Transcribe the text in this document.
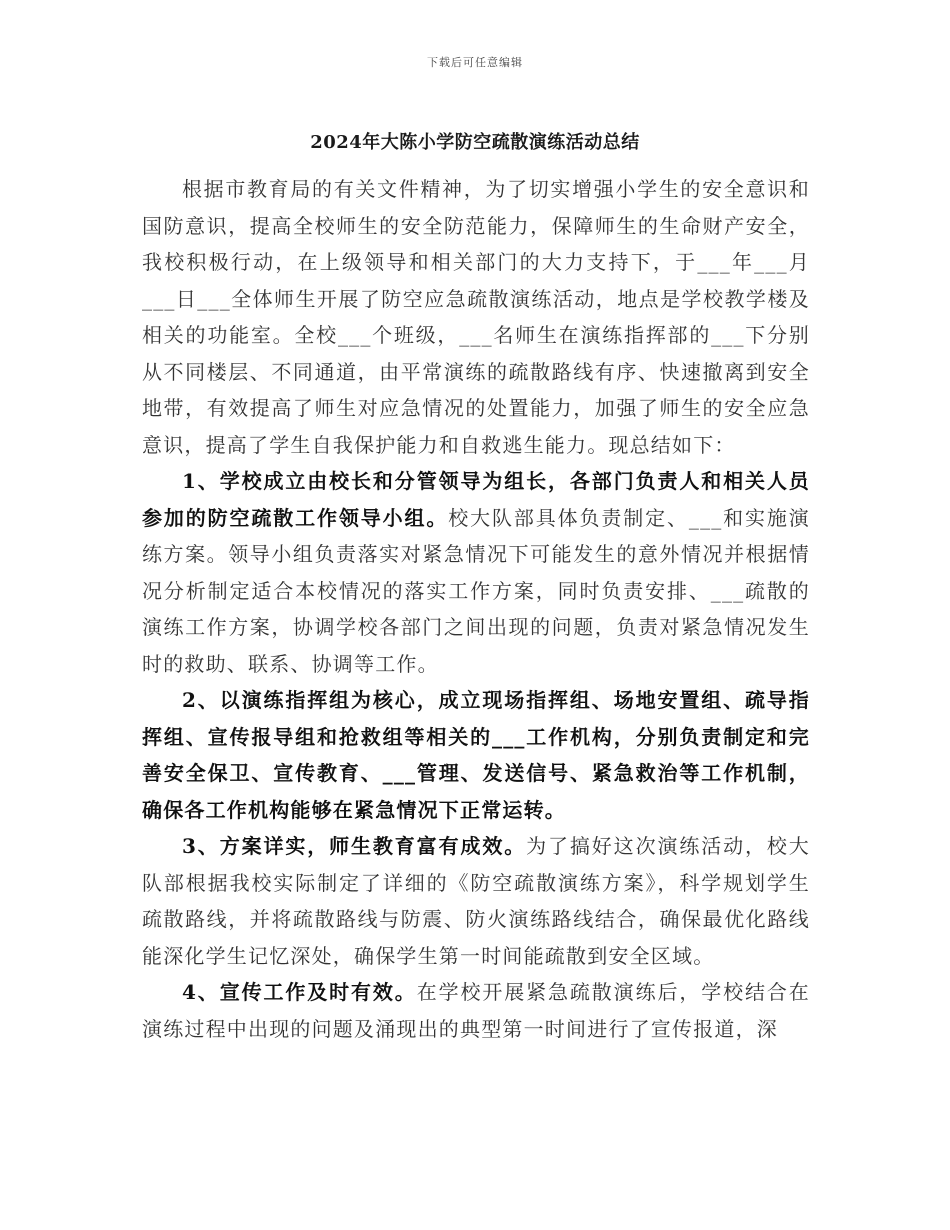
下载后可任意编辑
2024年大陈小学防空疏散演练活动总结

根据市教育局的有关文件精神，为了切实增强小学生的安全意识和国防意识，提高全校师生的安全防范能力，保障师生的生命财产安全，我校积极行动，在上级领导和相关部门的大力支持下，于___年___月___日___全体师生开展了防空应急疏散演练活动，地点是学校教学楼及相关的功能室。全校___个班级，___名师生在演练指挥部的___下分别从不同楼层、不同通道，由平常演练的疏散路线有序、快速撤离到安全地带，有效提高了师生对应急情况的处置能力，加强了师生的安全应急意识，提高了学生自我保护能力和自救逃生能力。现总结如下：

1、学校成立由校长和分管领导为组长，各部门负责人和相关人员参加的防空疏散工作领导小组。校大队部具体负责制定、___和实施演练方案。领导小组负责落实对紧急情况下可能发生的意外情况并根据情况分析制定适合本校情况的落实工作方案，同时负责安排、___疏散的演练工作方案，协调学校各部门之间出现的问题，负责对紧急情况发生时的救助、联系、协调等工作。

2、以演练指挥组为核心，成立现场指挥组、场地安置组、疏导指挥组、宣传报导组和抢救组等相关的___工作机构，分别负责制定和完善安全保卫、宣传教育、___管理、发送信号、紧急救治等工作机制，确保各工作机构能够在紧急情况下正常运转。

3、方案详实，师生教育富有成效。为了搞好这次演练活动，校大队部根据我校实际制定了详细的《防空疏散演练方案》，科学规划学生疏散路线，并将疏散路线与防震、防火演练路线结合，确保最优化路线能深化学生记忆深处，确保学生第一时间能疏散到安全区域。

4、宣传工作及时有效。在学校开展紧急疏散演练后，学校结合在演练过程中出现的问题及涌现出的典型第一时间进行了宣传报道，深
